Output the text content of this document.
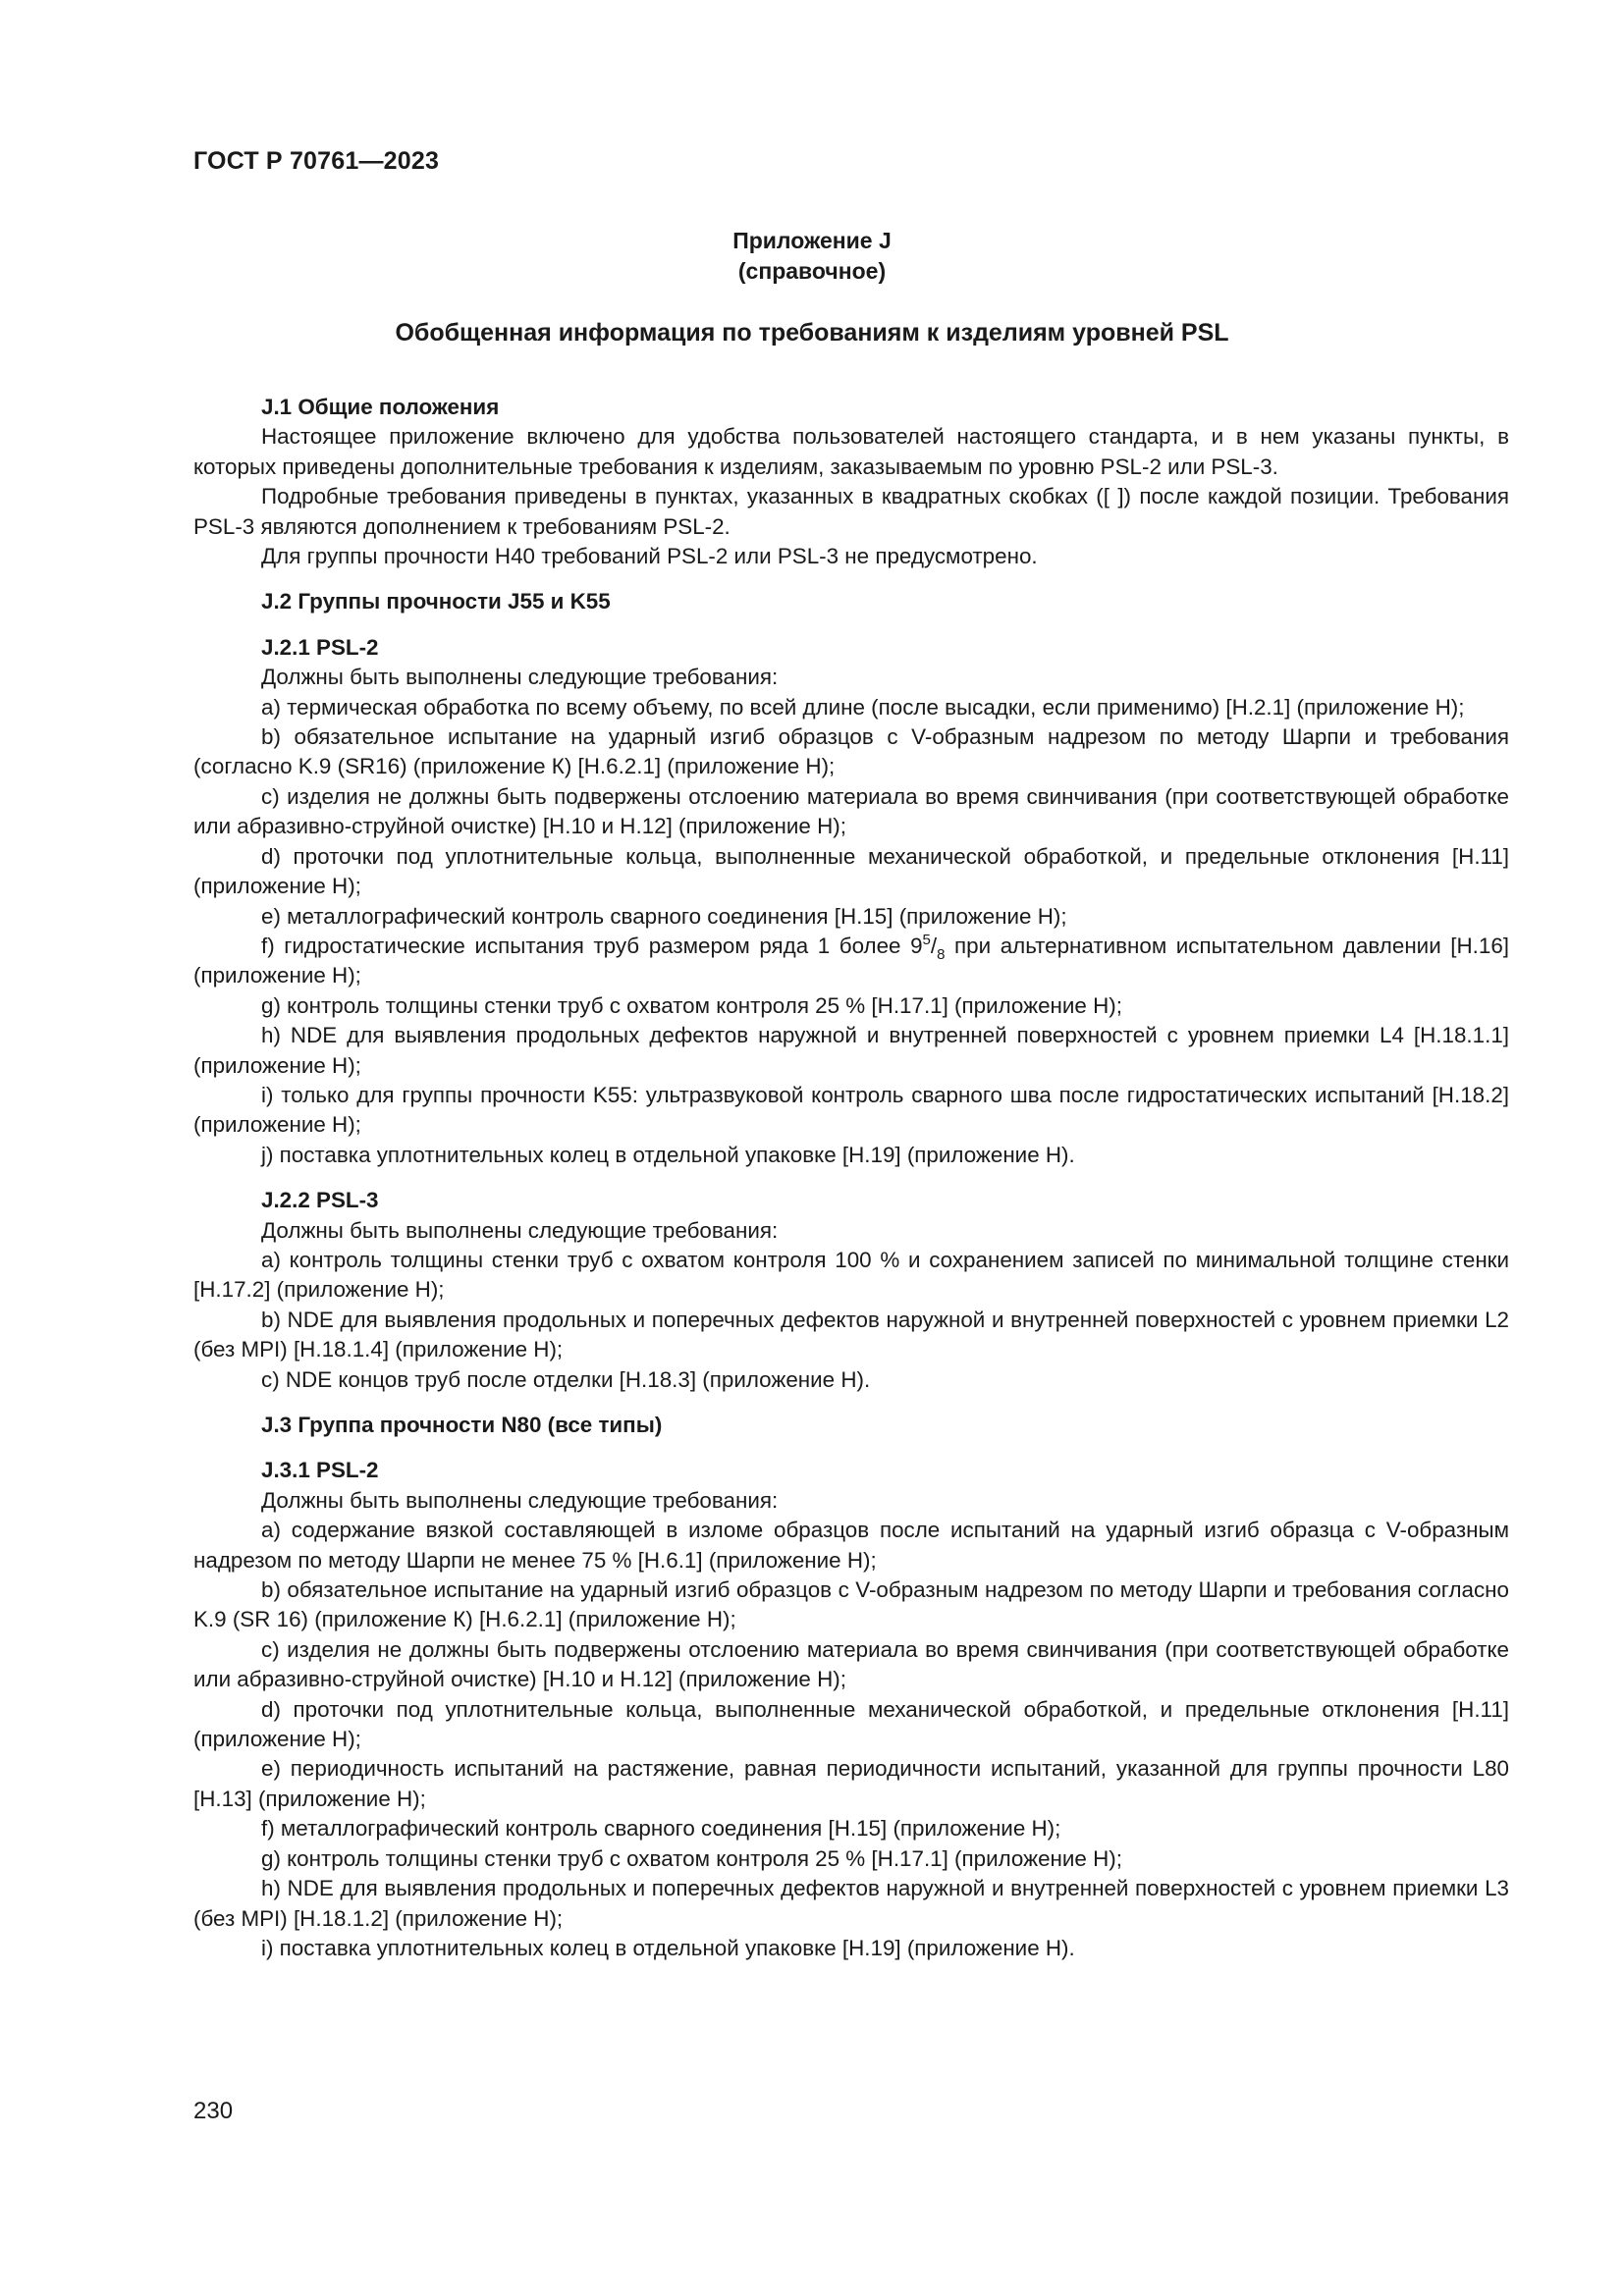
ГОСТ Р 70761—2023
Приложение J
(справочное)
Обобщенная информация по требованиям к изделиям уровней PSL
J.1 Общие положения

Настоящее приложение включено для удобства пользователей настоящего стандарта, и в нем указаны пункты, в которых приведены дополнительные требования к изделиям, заказываемым по уровню PSL-2 или PSL-3.

Подробные требования приведены в пунктах, указанных в квадратных скобках ([ ]) после каждой позиции. Требования PSL-3 являются дополнением к требованиям PSL-2.

Для группы прочности H40 требований PSL-2 или PSL-3 не предусмотрено.

J.2 Группы прочности J55 и K55
J.2.1 PSL-2

Должны быть выполнены следующие требования:

a) термическая обработка по всему объему, по всей длине (после высадки, если применимо) [H.2.1] (приложение H);

b) обязательное испытание на ударный изгиб образцов с V-образным надрезом по методу Шарпи и требования (согласно K.9 (SR16) (приложение К) [H.6.2.1] (приложение H);

c) изделия не должны быть подвержены отслоению материала во время свинчивания (при соответствующей обработке или абразивно-струйной очистке) [H.10 и H.12] (приложение H);

d) проточки под уплотнительные кольца, выполненные механической обработкой, и предельные отклонения [H.11] (приложение H);

e) металлографический контроль сварного соединения [H.15] (приложение H);

f) гидростатические испытания труб размером ряда 1 более $9^5/_8$ при альтернативном испытательном давлении [H.16] (приложение H);

g) контроль толщины стенки труб с охватом контроля 25 % [H.17.1] (приложение H);

h) NDE для выявления продольных дефектов наружной и внутренней поверхностей с уровнем приемки L4 [H.18.1.1] (приложение H);

i) только для группы прочности K55: ультразвуковой контроль сварного шва после гидростатических испытаний [H.18.2] (приложение H);

j) поставка уплотнительных колец в отдельной упаковке [H.19] (приложение H).

J.2.2 PSL-3

Должны быть выполнены следующие требования:

a) контроль толщины стенки труб с охватом контроля 100 % и сохранением записей по минимальной толщине стенки [H.17.2] (приложение H);

b) NDE для выявления продольных и поперечных дефектов наружной и внутренней поверхностей с уровнем приемки L2 (без MPI) [H.18.1.4] (приложение H);

c) NDE концов труб после отделки [H.18.3] (приложение H).

J.3 Группа прочности N80 (все типы)
J.3.1 PSL-2

Должны быть выполнены следующие требования:

a) содержание вязкой составляющей в изломе образцов после испытаний на ударный изгиб образца с V-образным надрезом по методу Шарпи не менее 75 % [H.6.1] (приложение H);

b) обязательное испытание на ударный изгиб образцов с V-образным надрезом по методу Шарпи и требования согласно K.9 (SR 16) (приложение К) [H.6.2.1] (приложение H);

c) изделия не должны быть подвержены отслоению материала во время свинчивания (при соответствующей обработке или абразивно-струйной очистке) [H.10 и H.12] (приложение H);

d) проточки под уплотнительные кольца, выполненные механической обработкой, и предельные отклонения [H.11] (приложение H);

e) периодичность испытаний на растяжение, равная периодичности испытаний, указанной для группы прочности L80 [H.13] (приложение H);

f) металлографический контроль сварного соединения [H.15] (приложение H);

g) контроль толщины стенки труб с охватом контроля 25 % [H.17.1] (приложение H);

h) NDE для выявления продольных и поперечных дефектов наружной и внутренней поверхностей с уровнем приемки L3 (без MPI) [H.18.1.2] (приложение H);

i) поставка уплотнительных колец в отдельной упаковке [H.19] (приложение H).

230
